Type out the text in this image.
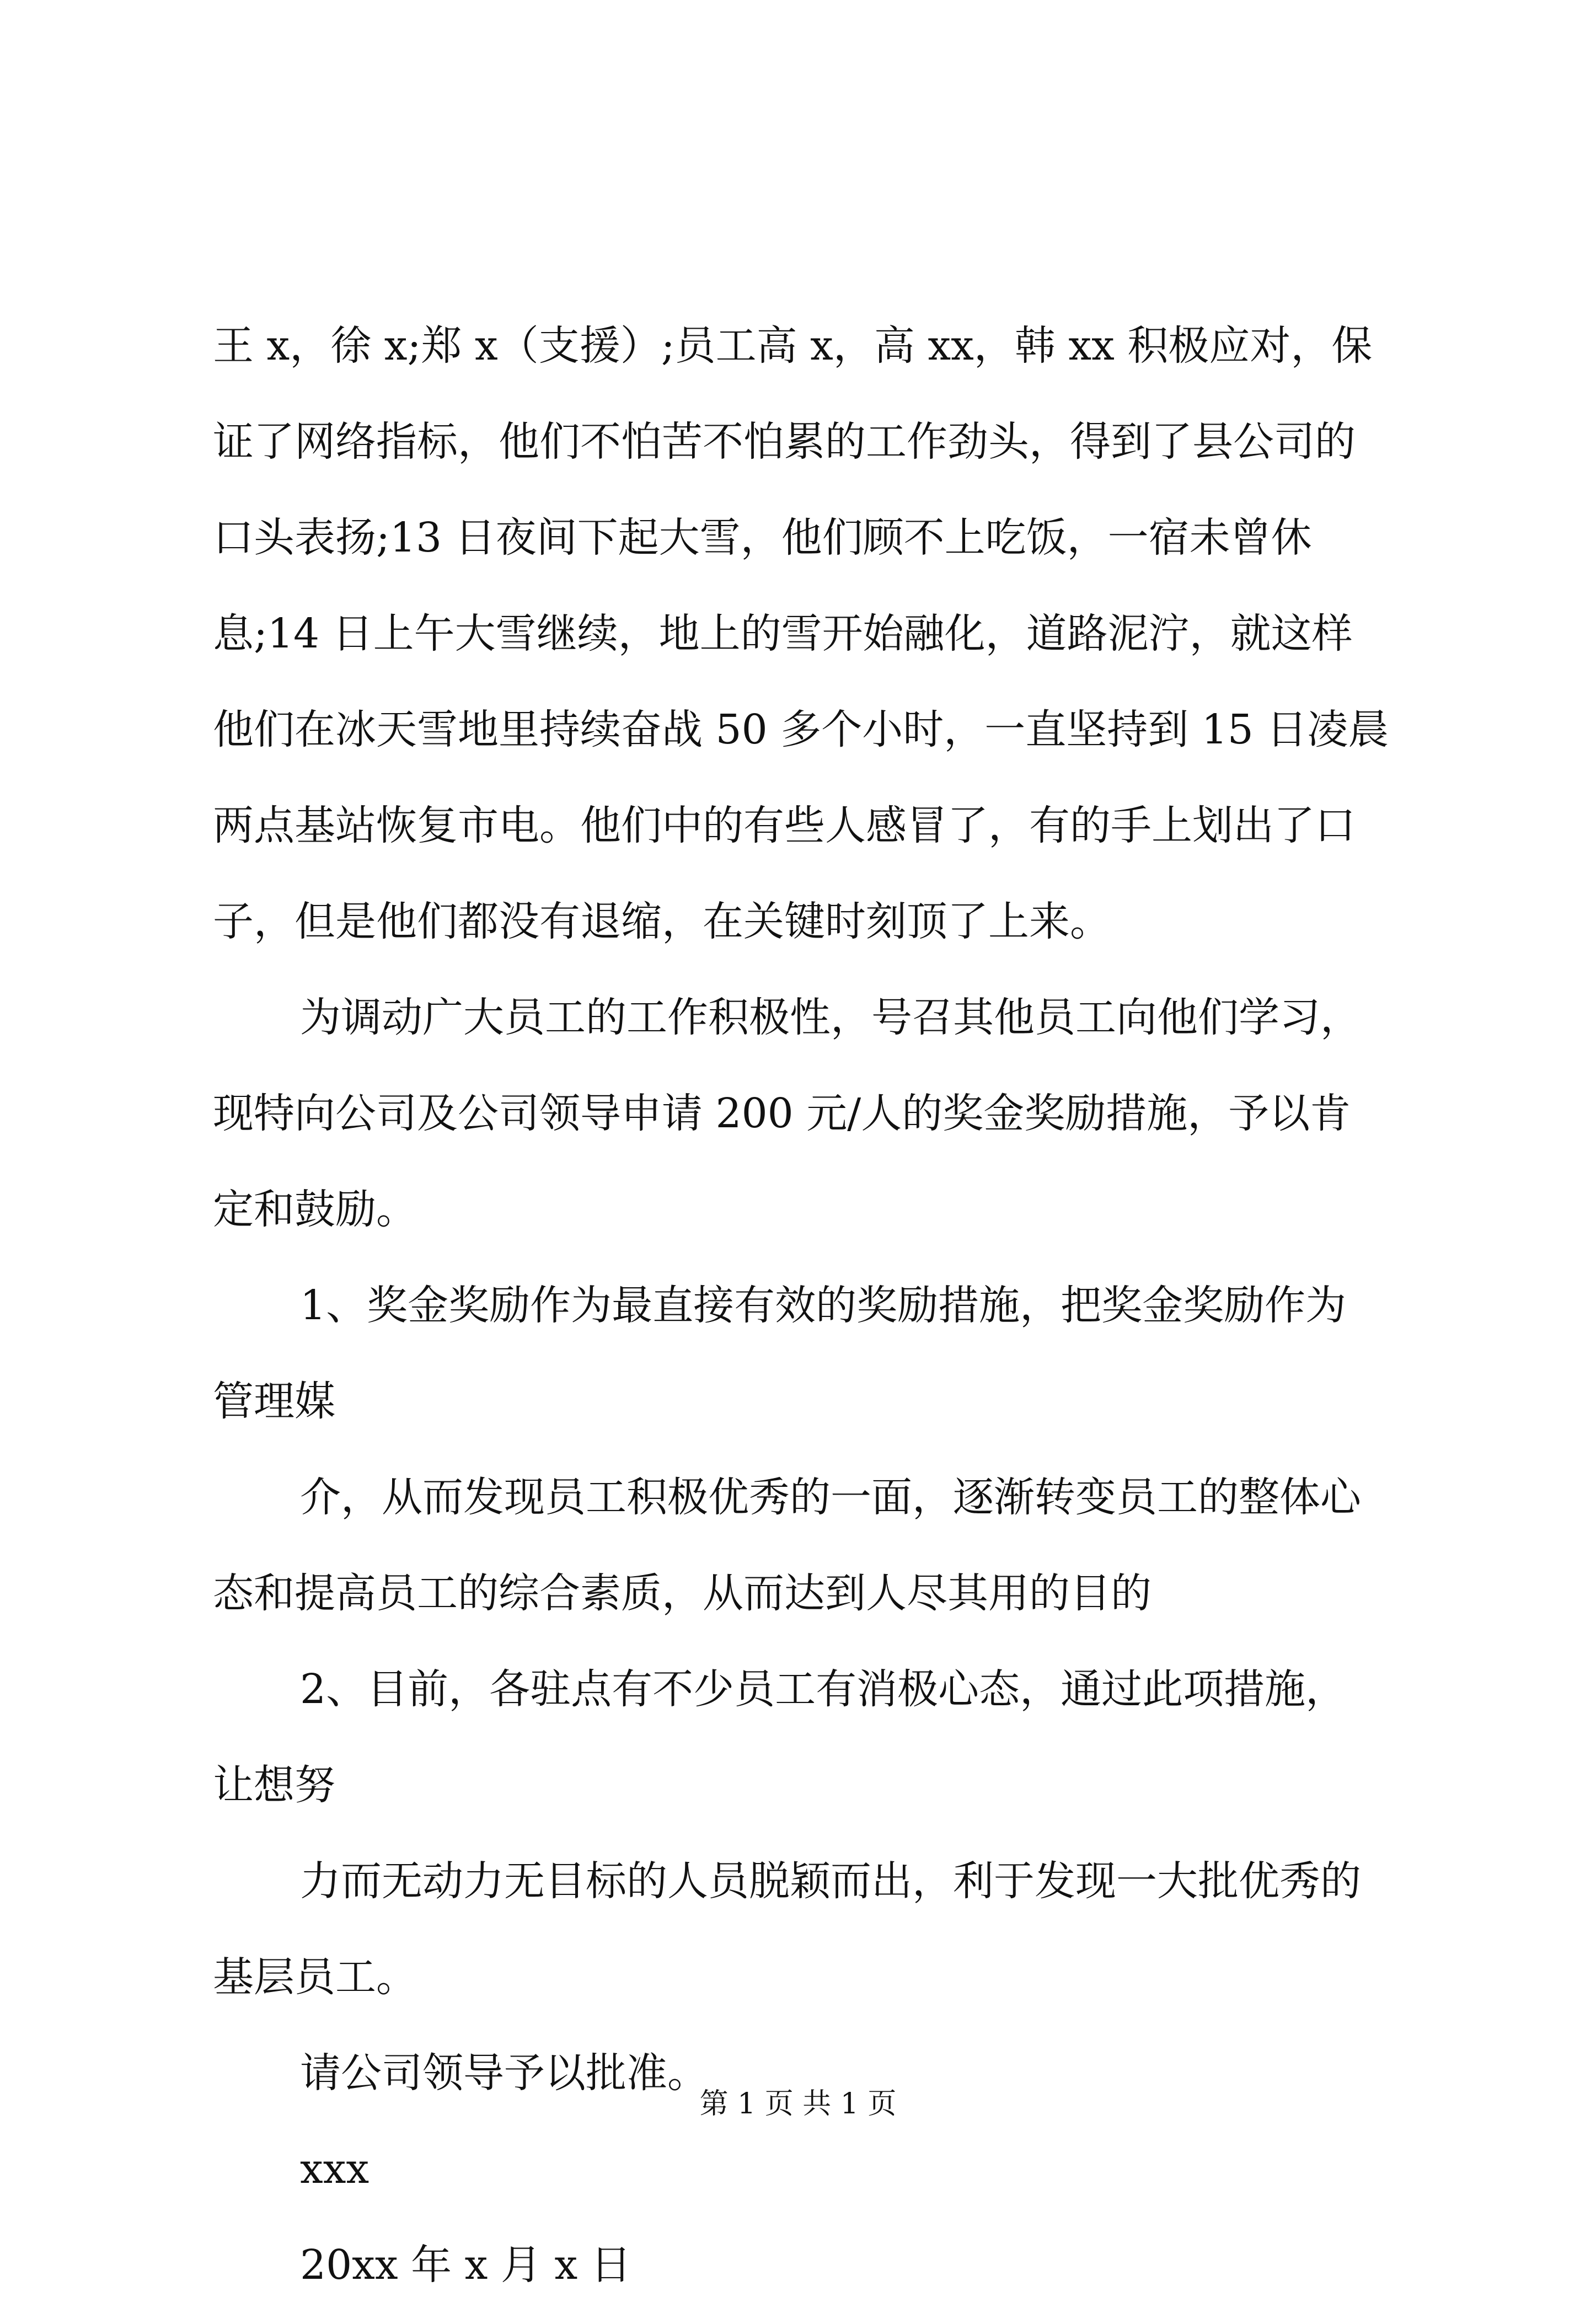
王 x，徐 x;郑 x（支援）;员工高 x，高 xx，韩 xx 积极应对，保
证了网络指标，他们不怕苦不怕累的工作劲头，得到了县公司的
口头表扬;13 日夜间下起大雪，他们顾不上吃饭，一宿未曾休
息;14 日上午大雪继续，地上的雪开始融化，道路泥泞，就这样
他们在冰天雪地里持续奋战 50 多个小时，一直坚持到 15 日凌晨
两点基站恢复市电。他们中的有些人感冒了，有的手上划出了口
子，但是他们都没有退缩，在关键时刻顶了上来。
为调动广大员工的工作积极性，号召其他员工向他们学习，
现特向公司及公司领导申请 200 元/人的奖金奖励措施，予以肯
定和鼓励。
1、奖金奖励作为最直接有效的奖励措施，把奖金奖励作为
管理媒
介，从而发现员工积极优秀的一面，逐渐转变员工的整体心
态和提高员工的综合素质，从而达到人尽其用的目的
2、目前，各驻点有不少员工有消极心态，通过此项措施，
让想努
力而无动力无目标的人员脱颖而出，利于发现一大批优秀的
基层员工。
请公司领导予以批准。
xxx
20xx 年 x 月 x 日
第 1 页 共 1 页
